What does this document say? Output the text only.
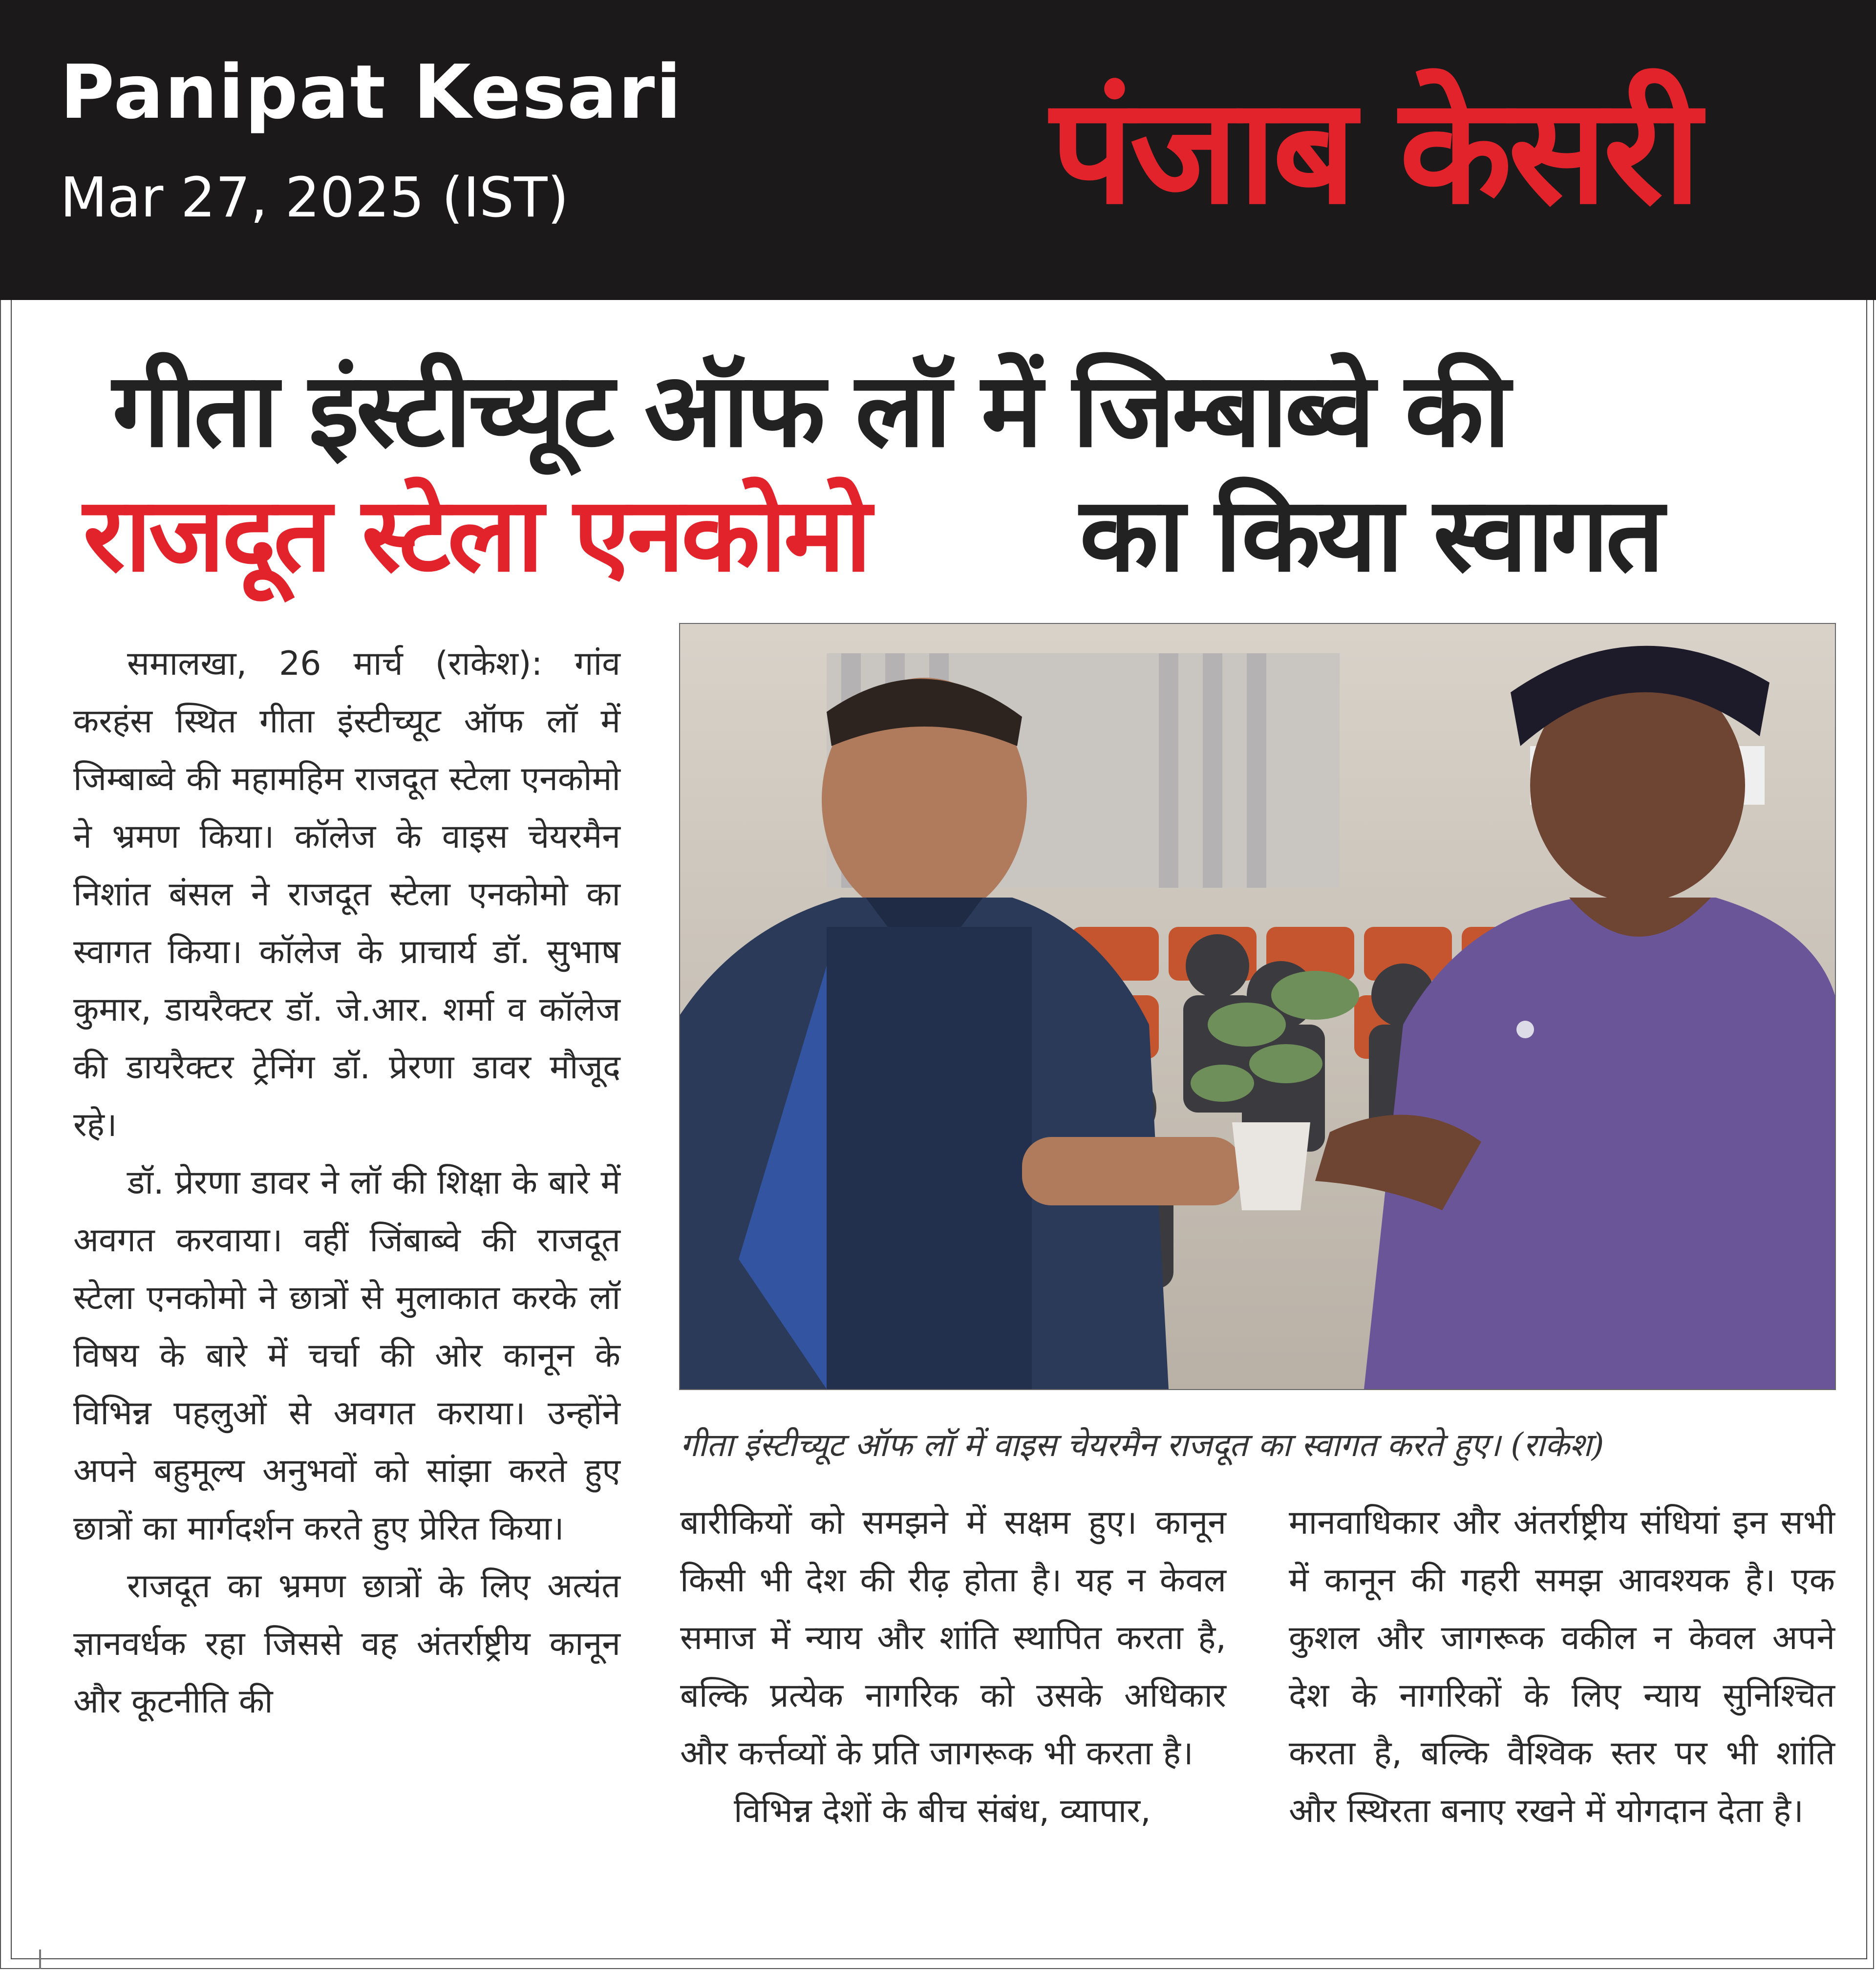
Panipat Kesari
Mar 27, 2025 (IST)	पंजाब केसरी
गीता इंस्टीच्यूट ऑफ लॉ में जिम्बाब्वे की
राजदूत स्टेला एनकोमो का किया स्वागत

समालखा, 26 मार्च (राकेश): गांव करहंस स्थित गीता इंस्टीच्यूट ऑफ लॉ में जिम्बाब्वे की महामहिम राजदूत स्टेला एनकोमो ने भ्रमण किया। कॉलेज के वाइस चेयरमैन निशांत बंसल ने राजदूत स्टेला एनकोमो का स्वागत किया। कॉलेज के प्राचार्य डॉ. सुभाष कुमार, डायरैक्टर डॉ. जे.आर. शर्मा व कॉलेज की डायरैक्टर ट्रेनिंग डॉ. प्रेरणा डावर मौजूद रहे।

डॉ. प्रेरणा डावर ने लॉ की शिक्षा के बारे में अवगत करवाया। वहीं जिंबाब्वे की राजदूत स्टेला एनकोमो ने छात्रों से मुलाकात करके लॉ विषय के बारे में चर्चा की ओर कानून के विभिन्न पहलुओं से अवगत कराया। उन्होंने अपने बहुमूल्य अनुभवों को सांझा करते हुए छात्रों का मार्गदर्शन करते हुए प्रेरित किया।

राजदूत का भ्रमण छात्रों के लिए अत्यंत ज्ञानवर्धक रहा जिससे वह अंतर्राष्ट्रीय कानून और कूटनीति की

गीता इंस्टीच्यूट ऑफ लॉ में वाइस चेयरमैन राजदूत का स्वागत करते हुए। (राकेश)

बारीकियों को समझने में सक्षम हुए। कानून किसी भी देश की रीढ़ होता है। यह न केवल समाज में न्याय और शांति स्थापित करता है, बल्कि प्रत्येक नागरिक को उसके अधिकार और कर्त्तव्यों के प्रति जागरूक भी करता है।

विभिन्न देशों के बीच संबंध, व्यापार,

मानवाधिकार और अंतर्राष्ट्रीय संधियां इन सभी में कानून की गहरी समझ आवश्यक है। एक कुशल और जागरूक वकील न केवल अपने देश के नागरिकों के लिए न्याय सुनिश्चित करता है, बल्कि वैश्विक स्तर पर भी शांति और स्थिरता बनाए रखने में योगदान देता है।
